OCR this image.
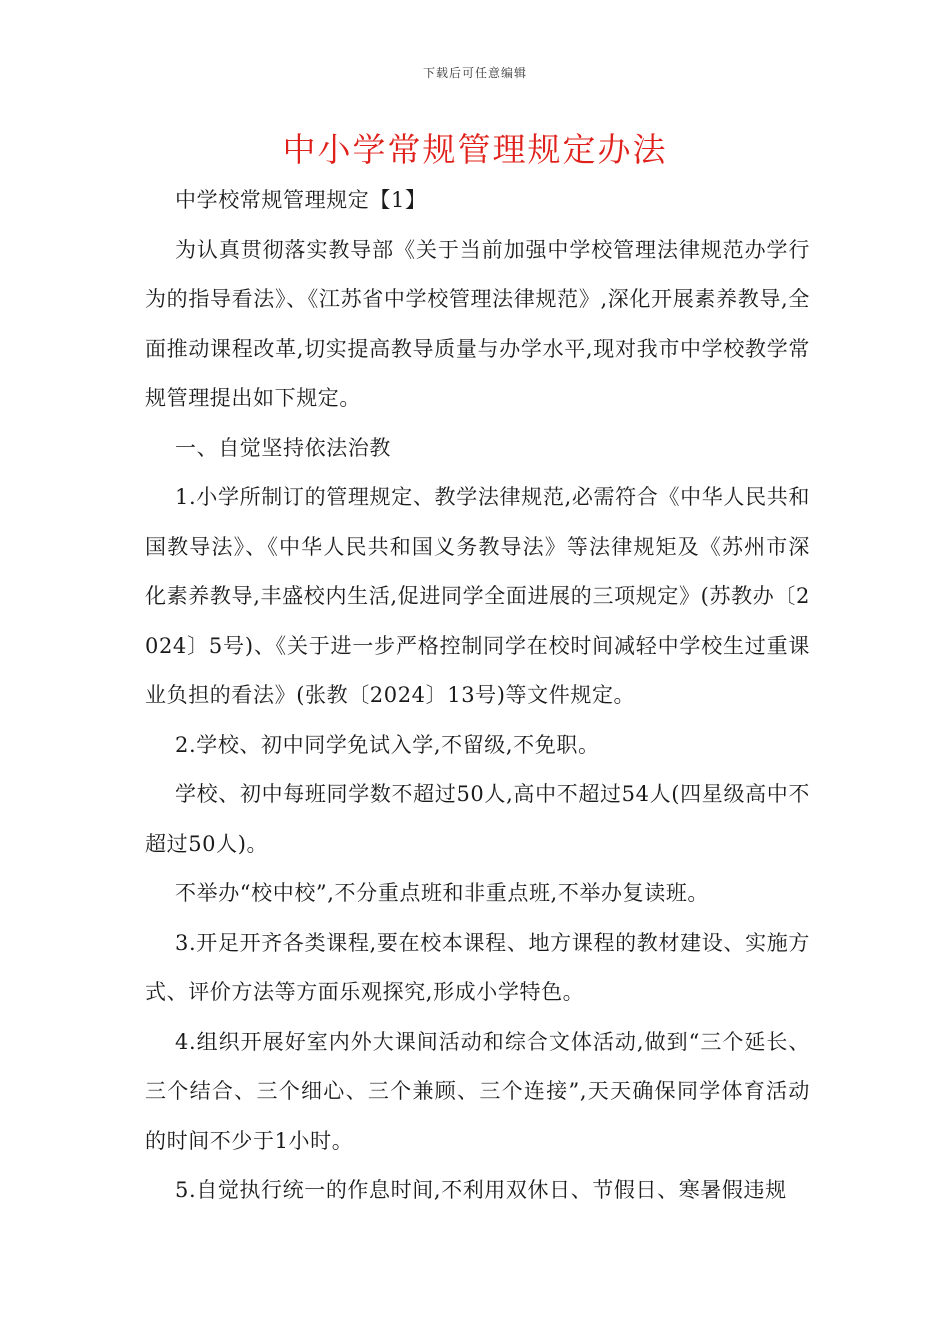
下载后可任意编辑
中小学常规管理规定办法

中学校常规管理规定【1】

为认真贯彻落实教导部《关于当前加强中学校管理法律规范办学行为的指导看法》、《江苏省中学校管理法律规范》,深化开展素养教导,全面推动课程改革,切实提高教导质量与办学水平,现对我市中学校教学常规管理提出如下规定。

一、自觉坚持依法治教

1.小学所制订的管理规定、教学法律规范,必需符合《中华人民共和国教导法》、《中华人民共和国义务教导法》等法律规矩及《苏州市深化素养教导,丰盛校内生活,促进同学全面进展的三项规定》(苏教办〔2024〕5号)、《关于进一步严格控制同学在校时间减轻中学校生过重课业负担的看法》(张教〔2024〕13号)等文件规定。

2.学校、初中同学免试入学,不留级,不免职。

学校、初中每班同学数不超过50人,高中不超过54人(四星级高中不超过50人)。

不举办“校中校”,不分重点班和非重点班,不举办复读班。

3.开足开齐各类课程,要在校本课程、地方课程的教材建设、实施方式、评价方法等方面乐观探究,形成小学特色。

4.组织开展好室内外大课间活动和综合文体活动,做到“三个延长、三个结合、三个细心、三个兼顾、三个连接”,天天确保同学体育活动的时间不少于1小时。

5.自觉执行统一的作息时间,不利用双休日、节假日、寒暑假违规
